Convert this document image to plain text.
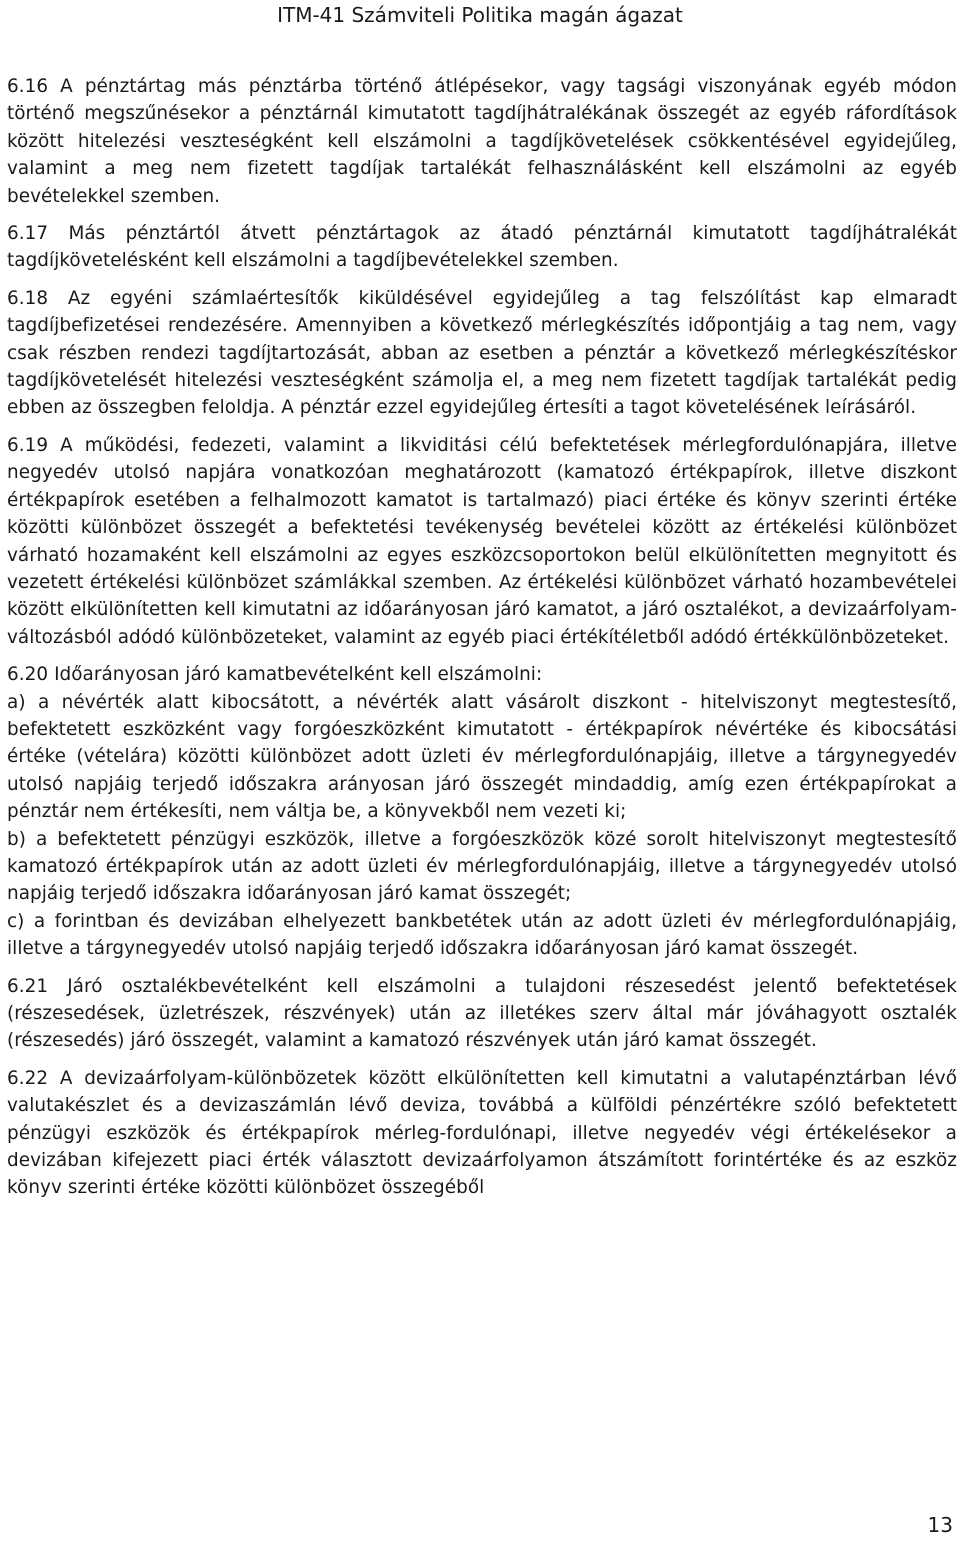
ITM-41 Számviteli Politika magán ágazat

6.16 A pénztártag más pénztárba történő átlépésekor, vagy tagsági viszonyának egyéb módon történő megszűnésekor a pénztárnál kimutatott tagdíjhátralékának összegét az egyéb ráfordítások között hitelezési veszteségként kell elszámolni a tagdíjkövetelések csökkentésével egyidejűleg, valamint a meg nem fizetett tagdíjak tartalékát felhasználásként kell elszámolni az egyéb bevételekkel szemben.

6.17 Más pénztártól átvett pénztártagok az átadó pénztárnál kimutatott tagdíjhátralékát tagdíjkövetelésként kell elszámolni a tagdíjbevételekkel szemben.

6.18 Az egyéni számlaértesítők kiküldésével egyidejűleg a tag felszólítást kap elmaradt tagdíjbefizetései rendezésére. Amennyiben a következő mérlegkészítés időpontjáig a tag nem, vagy csak részben rendezi tagdíjtartozását, abban az esetben a pénztár a következő mérlegkészítéskor tagdíjkövetelését hitelezési veszteségként számolja el, a meg nem fizetett tagdíjak tartalékát pedig ebben az összegben feloldja. A pénztár ezzel egyidejűleg értesíti a tagot követelésének leírásáról.

6.19 A működési, fedezeti, valamint a likviditási célú befektetések mérlegfordulónapjára, illetve negyedév utolsó napjára vonatkozóan meghatározott (kamatozó értékpapírok, illetve diszkont értékpapírok esetében a felhalmozott kamatot is tartalmazó) piaci értéke és könyv szerinti értéke közötti különbözet összegét a befektetési tevékenység bevételei között az értékelési különbözet várható hozamaként kell elszámolni az egyes eszközcsoportokon belül elkülönítetten megnyitott és vezetett értékelési különbözet számlákkal szemben. Az értékelési különbözet várható hozambevételei között elkülönítetten kell kimutatni az időarányosan járó kamatot, a járó osztalékot, a devizaárfolyam-változásból adódó különbözeteket, valamint az egyéb piaci értékítéletből adódó értékkülönbözeteket.

6.20 Időarányosan járó kamatbevételként kell elszámolni:
a) a névérték alatt kibocsátott, a névérték alatt vásárolt diszkont - hitelviszonyt megtestesítő, befektetett eszközként vagy forgóeszközként kimutatott - értékpapírok névértéke és kibocsátási értéke (vételára) közötti különbözet adott üzleti év mérlegfordulónapjáig, illetve a tárgynegyedév utolsó napjáig terjedő időszakra arányosan járó összegét mindaddig, amíg ezen értékpapírokat a pénztár nem értékesíti, nem váltja be, a könyvekből nem vezeti ki;
b) a befektetett pénzügyi eszközök, illetve a forgóeszközök közé sorolt hitelviszonyt megtestesítő kamatozó értékpapírok után az adott üzleti év mérlegfordulónapjáig, illetve a tárgynegyedév utolsó napjáig terjedő időszakra időarányosan járó kamat összegét;
c) a forintban és devizában elhelyezett bankbetétek után az adott üzleti év mérlegfordulónapjáig, illetve a tárgynegyedév utolsó napjáig terjedő időszakra időarányosan járó kamat összegét.

6.21 Járó osztalékbevételként kell elszámolni a tulajdoni részesedést jelentő befektetések (részesedések, üzletrészek, részvények) után az illetékes szerv által már jóváhagyott osztalék (részesedés) járó összegét, valamint a kamatozó részvények után járó kamat összegét.

6.22 A devizaárfolyam-különbözetek között elkülönítetten kell kimutatni a valutapénztárban lévő valutakészlet és a devizaszámlán lévő deviza, továbbá a külföldi pénzértékre szóló befektetett pénzügyi eszközök és értékpapírok mérleg-fordulónapi, illetve negyedév végi értékelésekor a devizában kifejezett piaci érték választott devizaárfolyamon átszámított forintértéke és az eszköz könyv szerinti értéke közötti különbözet összegéből

13
